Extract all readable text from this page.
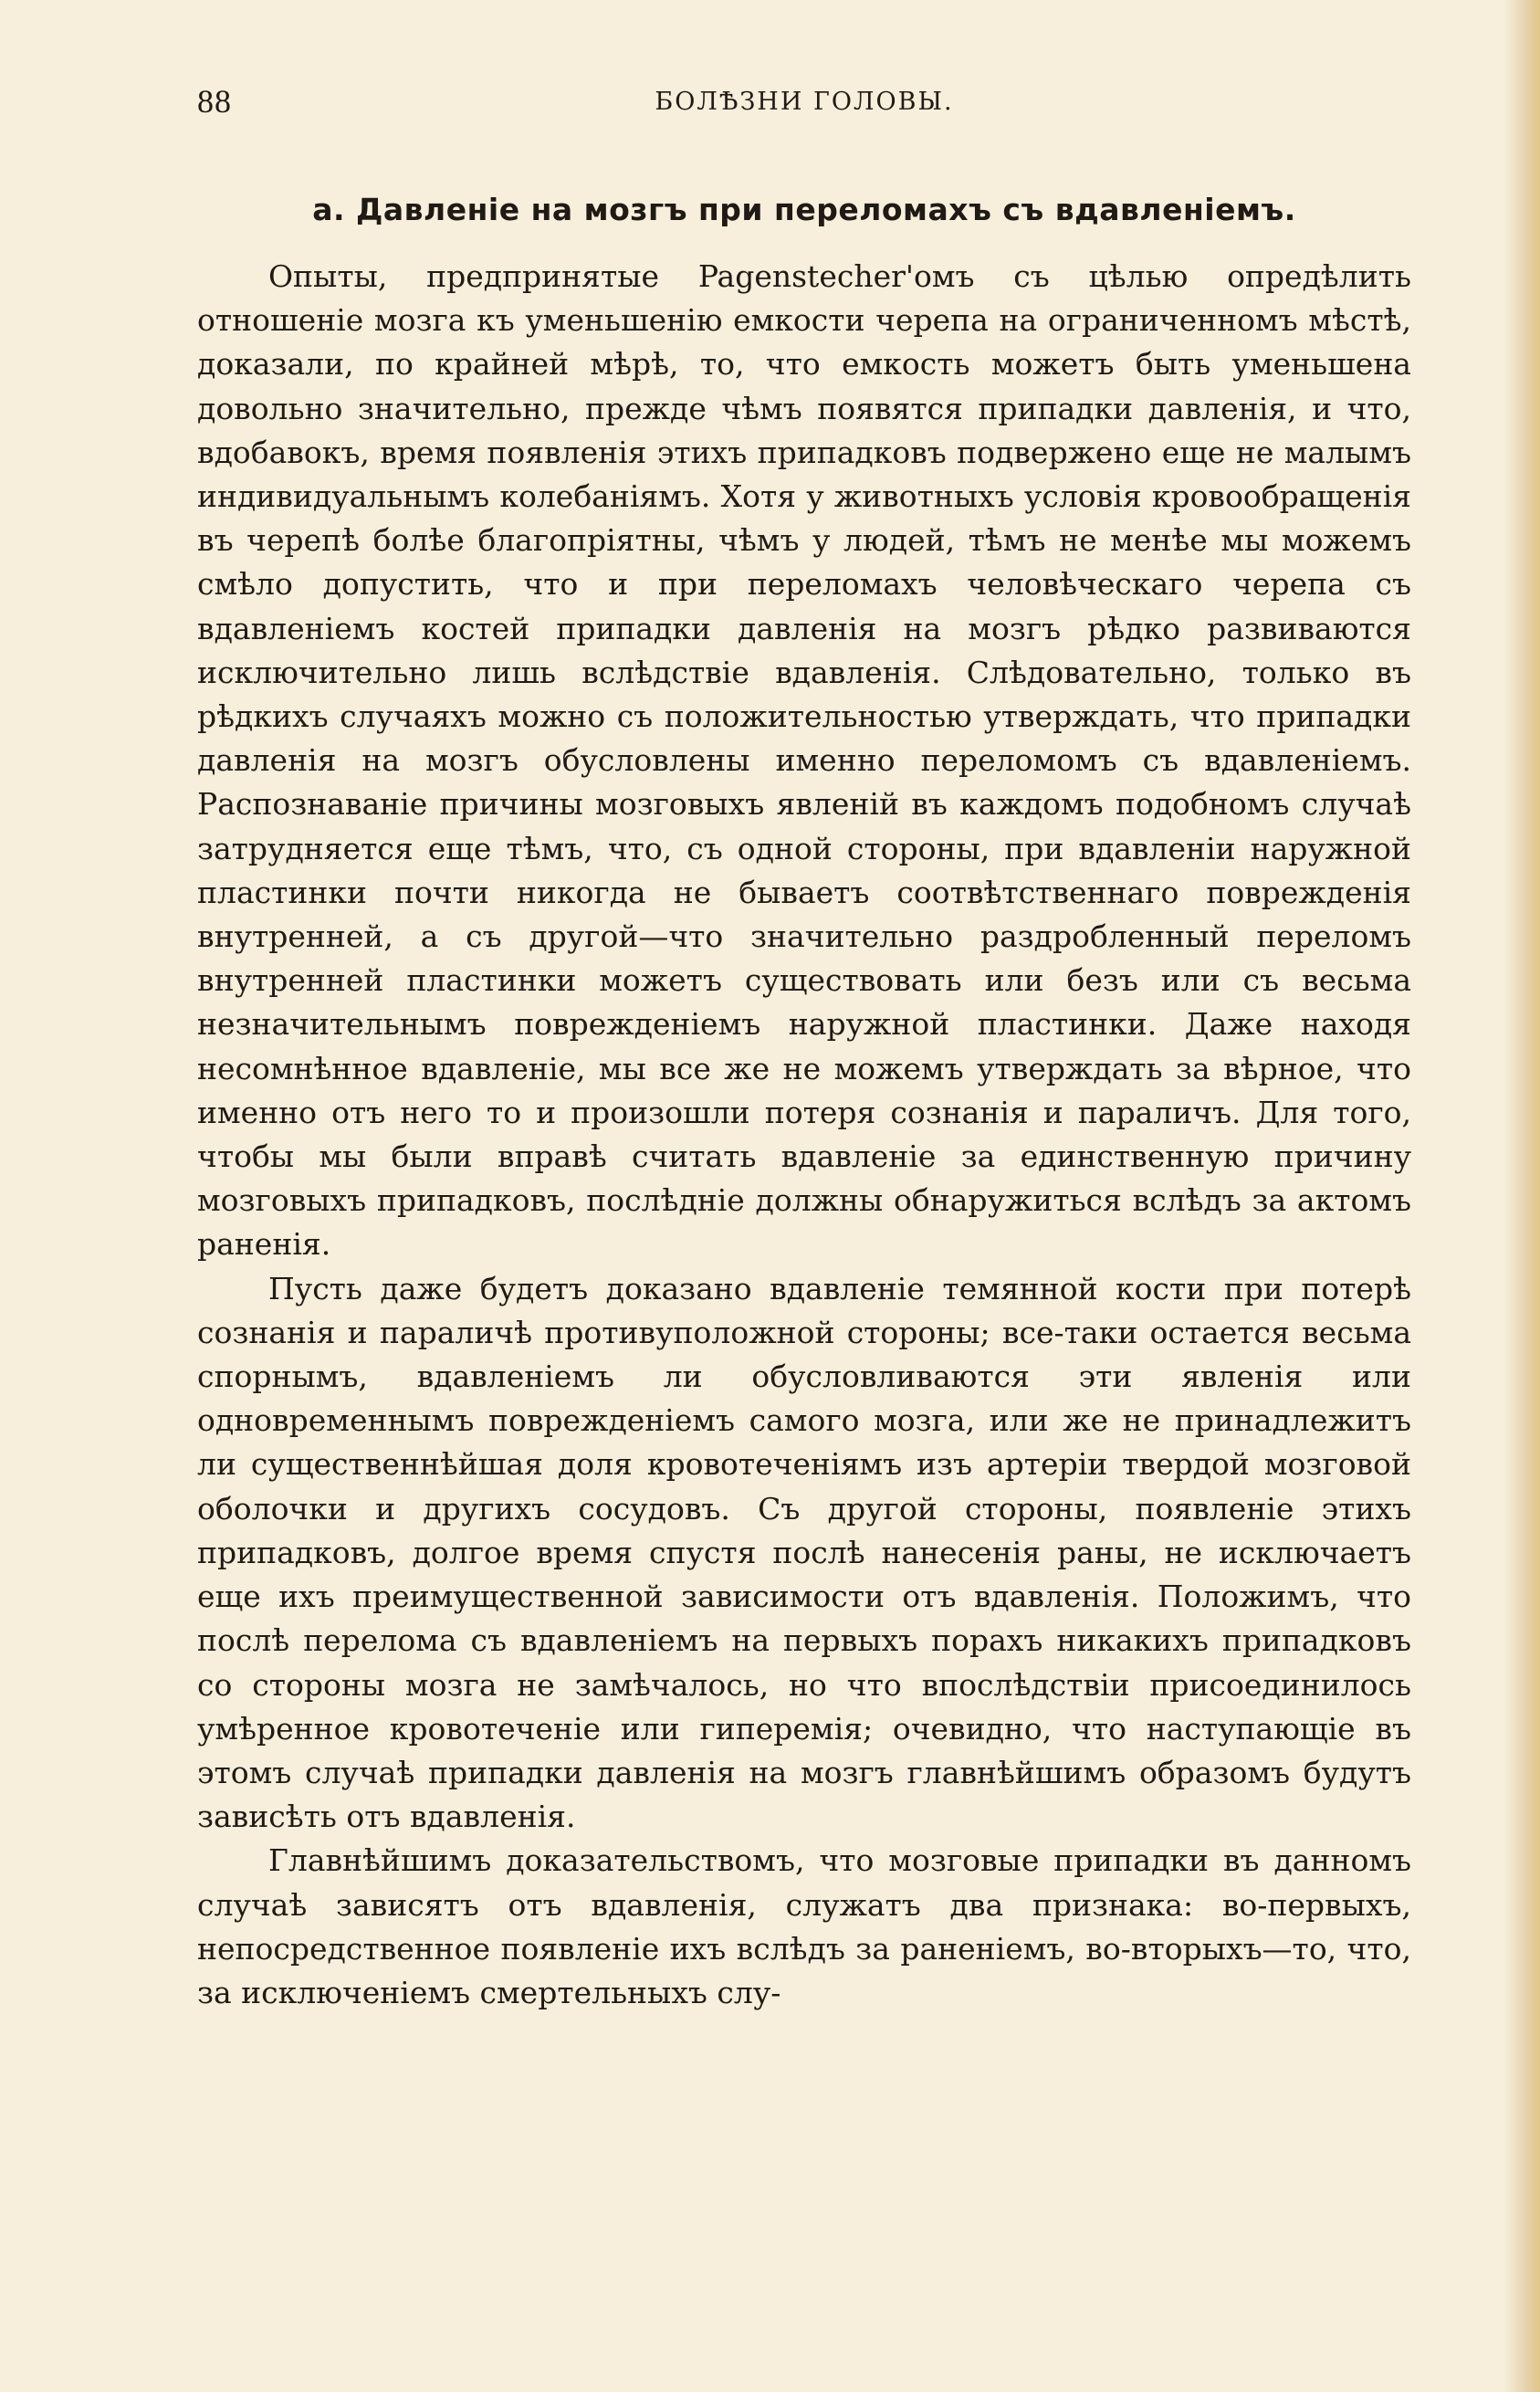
88	БОЛѢЗНИ ГОЛОВЫ.
a. Давленіе на мозгъ при переломахъ съ вдавленіемъ.

Опыты, предпринятые Pagenstecher'омъ съ цѣлью опредѣлить отношеніе мозга къ уменьшенію емкости черепа на ограниченномъ мѣстѣ, доказали, по крайней мѣрѣ, то, что емкость можетъ быть уменьшена довольно значительно, прежде чѣмъ появятся припадки давленія, и что, вдобавокъ, время появленія этихъ припадковъ подвержено еще не малымъ индивидуальнымъ колебаніямъ. Хотя у животныхъ условія кровообращенія въ черепѣ болѣе благопріятны, чѣмъ у людей, тѣмъ не менѣе мы можемъ смѣло допустить, что и при переломахъ человѣческаго черепа съ вдавленіемъ костей припадки давленія на мозгъ рѣдко развиваются исключительно лишь вслѣдствіе вдавленія. Слѣдовательно, только въ рѣдкихъ случаяхъ можно съ положительностью утверждать, что припадки давленія на мозгъ обусловлены именно переломомъ съ вдавленіемъ. Распознаваніе причины мозговыхъ явленій въ каждомъ подобномъ случаѣ затрудняется еще тѣмъ, что, съ одной стороны, при вдавленіи наружной пластинки почти никогда не бываетъ соотвѣтственнаго поврежденія внутренней, а съ другой—что значительно раздробленный переломъ внутренней пластинки можетъ существовать или безъ или съ весьма незначительнымъ поврежденіемъ наружной пластинки. Даже находя несомнѣнное вдавленіе, мы все же не можемъ утверждать за вѣрное, что именно отъ него то и произошли потеря сознанія и параличъ. Для того, чтобы мы были вправѣ считать вдавленіе за единственную причину мозговыхъ припадковъ, послѣдніе должны обнаружиться вслѣдъ за актомъ раненія.

Пусть даже будетъ доказано вдавленіе темянной кости при потерѣ сознанія и параличѣ противуположной стороны; все-таки остается весьма спорнымъ, вдавленіемъ ли обусловливаются эти явленія или одновременнымъ поврежденіемъ самого мозга, или же не принадлежитъ ли существеннѣйшая доля кровотеченіямъ изъ артеріи твердой мозговой оболочки и другихъ сосудовъ. Съ другой стороны, появленіе этихъ припадковъ, долгое время спустя послѣ нанесенія раны, не исключаетъ еще ихъ преимущественной зависимости отъ вдавленія. Положимъ, что послѣ перелома съ вдавленіемъ на первыхъ порахъ никакихъ припадковъ со стороны мозга не замѣчалось, но что впослѣдствіи присоединилось умѣренное кровотеченіе или гиперемія; очевидно, что наступающіе въ этомъ случаѣ припадки давленія на мозгъ главнѣйшимъ образомъ будутъ зависѣть отъ вдавленія.

Главнѣйшимъ доказательствомъ, что мозговые припадки въ данномъ случаѣ зависятъ отъ вдавленія, служатъ два признака: во-первыхъ, непосредственное появленіе ихъ вслѣдъ за раненіемъ, во-вторыхъ—то, что, за исключеніемъ смертельныхъ слу-
